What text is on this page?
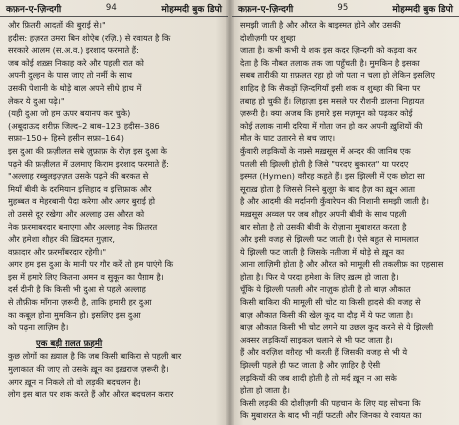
कफ़न-ए-ज़िन्दगी	94	मोहम्मदी बुक डिपो
और फ़ितरी आदतों की बुराई से।"
हदीस: हज़रत उमरा बिन शोऐब (रज़ि.) से रवायत है कि
सरकारे आलम (स.अ.व.) इरशाद फरमाते हैं:
जब कोई शख़्स निकाह करे और पहली रात को
अपनी दुल्हन के पास जाए तो नर्मी के साथ
उसकी पेशानी के थोड़े बाल अपने सीधे हाथ में
लेकर ये दुआ पढ़े।"
(यही दुआ जो हम ऊपर बयानप कर चुके)
(अबूदाऊद शरीफ़ जिल्द–2 बाब–123 हदीस–386
सफ़ा–150+ हिस्ने हसीन सफ़ा–164)
इस दुआ की फ़ज़ीलत सबे ज़ुफ़ाफ़ के रोज़ इस दुआ के
पढ़ने की फ़ज़ीलत में उलमाए किराम इरशाद फरमाते हैं:
"अल्लाह रब्बुलइज़्ज़त उसके पढ़ने की बरकत से
मियाँ बीवी के दरमियान इत्तिहाद व इत्तिफ़ाक और
मुहब्बत व मेहरबानी पैदा करेगा और अगर बुराई हो
तो उससे दूर रखेगा और अल्लाह उस औरत को
नेक फ़रमाबरदार बनाएगा और अल्लाह नेक फ़ितरत
और हमेशा शौहर की ख़िदमत गुज़ार,
वफ़ादार और फ़रमाँबरदार रहेगी।"
अगर हम इस दुआ के मानी पर गौर करें तो हम पाएंगे कि
इस में हमारे लिए कितना अमन व सुकून का पैग़ाम है।
दर्स दीनी है कि किसी भी दुआ से पहले अल्लाह
से तौफ़ीक माँगना ज़रूरी है, ताकि हमारी हर दुआ
का कबूल होना मुमकिन हो। इसलिए इस दुआ
को पढ़ना लाज़िम है।
एक बड़ी ग़लत फ़हमी
कुछ लोगों का ख़्याल है कि जब किसी बाकिरा से पहली बार
मुलाकात की जाए तो उसके ख़ून का इख़राज ज़रूरी है।
अगर ख़ून न निकले तो वो लड़की बदचलन है।
लोग इस बात पर शक करते हैं और औरत बदचलन करार
कफ़न-ए-ज़िन्दगी	95	मोहम्मदी बुक डिपो
समझी जाती है और औरत के बाइस्मत होने और उसकी
दोशीज़गी पर शुब्हा
जाता है। कभी कभी ये शक इस कदर ज़िन्दगी को कड़वा कर
देता है कि नौबत तलाक तक जा पहुँचती है। मुमकिन है इसका
सबब तारीकी या ग़फ़लत रहा हो जो पता न चला हो लेकिन इसलिए
शाहिद है कि सैकड़ों ज़िन्दगियाँ इसी शक व शुब्हा की बिना पर
तबाह हो चुकी हैं। लिहाज़ा इस मसले पर रौशनी डालना निहायत
ज़रूरी है। क्या अजब कि हमारे इस मज़मून को पढ़कर कोई
कोई तलाक नामी दरिया में गोता जन हो कर अपनी ख़ुशियों की
मौत के घाट उतारने से बच जाए।
कुँवारी लड़कियों के नफ़्से मख़सूस में अन्दर की जानिब एक
पतली सी झिल्ली होती है जिसे "परदए बुकारत" या परदए
इस्मत (Hymen) वग़ैरह कहते हैं। इस झिल्ली में एक छोटा सा
सूराख़ होता है जिससे निस्ने बुलूग़ के बाद हैज़ का ख़ून आता
है और आदमी की मर्दानगी कुँवारेपन की निशानी समझी जाती है।
मख़सूस अव्वल पर जब शौहर अपनी बीवी के साथ पहली
बार सोता है तो उसकी बीवी के रोज़ाना मुबाशरत करता है
और इसी वजह से झिल्ली फट जाती है। ऐसे बहुत से मामलात
ये झिल्ली फट जाती है जिसके नतीजा में थोड़े से ख़ून का
आना लाज़िमी होता है और औरत को मामूली सी तकलीफ़ का एहसास
होता है। फिर ये परदा हमेशा के लिए ख़त्म हो जाता है।
चूँकि ये झिल्ली पतली और नाज़ुक होती है तो बाज़ औकात
किसी बाकिरा की मामूली सी चोट या किसी हादसे की वजह से
बाज़ औकात किसी की खेल कूद या दौड़ में ये फट जाता है।
बाज़ औकात किसी भी चोट लगने या उछल कूद करने से ये झिल्ली
अक्सर लड़कियाँ साइकल चलाने से भी फट जाता है।
हैं और वरज़िश वग़ैरह भी करती हैं जिसकी वजह से भी ये
झिल्ली पहले ही फट जाता है और ज़ाहिर है ऐसी
लड़कियों की जब शादी होती है तो मर्द ख़ून न आ सके
होता हो जाता है।
किसी लड़की की दोशीज़गी की पहचान के लिए यह सोचना कि
कि मुबाशरत के बाद भी नहीं फटती और जिनका ये रवायत का
